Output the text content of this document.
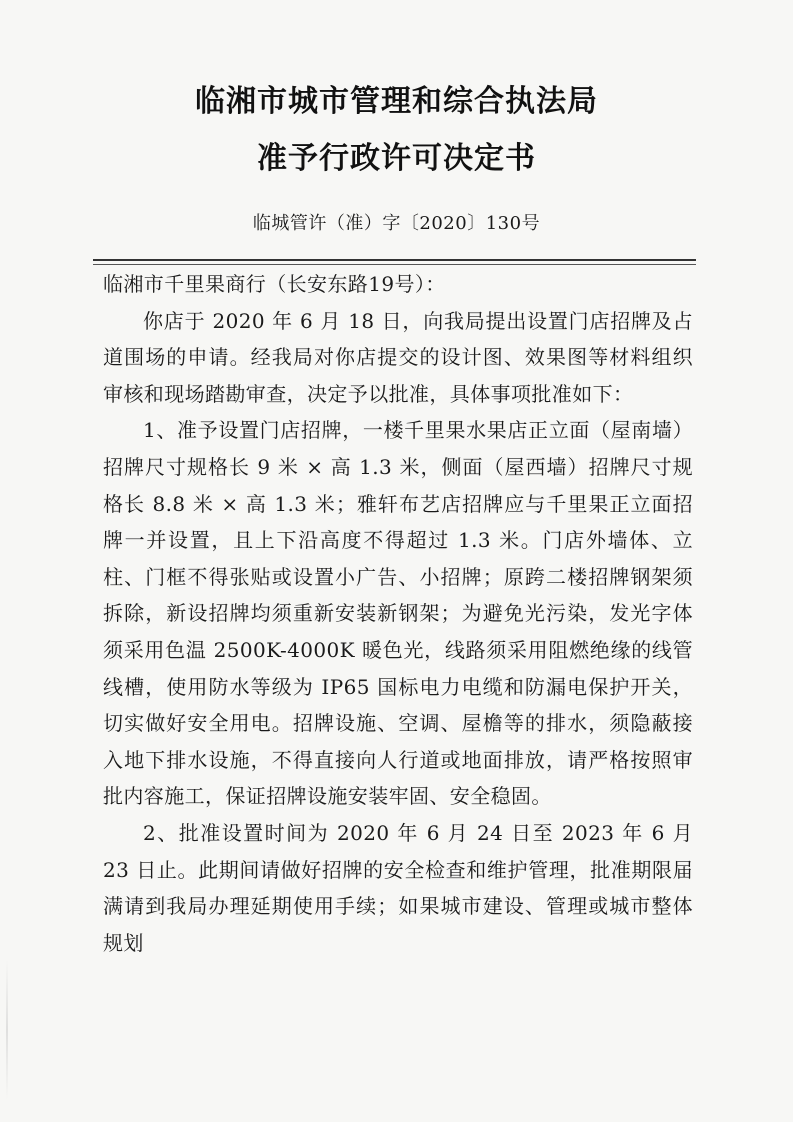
临湘市城市管理和综合执法局
准予行政许可决定书
临城管许（准）字〔2020〕130号

临湘市千里果商行（长安东路19号）：

你店于 2020 年 6 月 18 日，向我局提出设置门店招牌及占道围场的申请。经我局对你店提交的设计图、效果图等材料组织审核和现场踏勘审查，决定予以批准，具体事项批准如下：

1、准予设置门店招牌，一楼千里果水果店正立面（屋南墙）招牌尺寸规格长 9 米 × 高 1.3 米，侧面（屋西墙）招牌尺寸规格长 8.8 米 × 高 1.3 米；雅轩布艺店招牌应与千里果正立面招牌一并设置，且上下沿高度不得超过 1.3 米。门店外墙体、立柱、门框不得张贴或设置小广告、小招牌；原跨二楼招牌钢架须拆除，新设招牌均须重新安装新钢架；为避免光污染，发光字体须采用色温 2500K-4000K 暖色光，线路须采用阻燃绝缘的线管线槽，使用防水等级为 IP65 国标电力电缆和防漏电保护开关，切实做好安全用电。招牌设施、空调、屋檐等的排水，须隐蔽接入地下排水设施，不得直接向人行道或地面排放，请严格按照审批内容施工，保证招牌设施安装牢固、安全稳固。

2、批准设置时间为 2020 年 6 月 24 日至 2023 年 6 月 23 日止。此期间请做好招牌的安全检查和维护管理，批准期限届满请到我局办理延期使用手续；如果城市建设、管理或城市整体规划
